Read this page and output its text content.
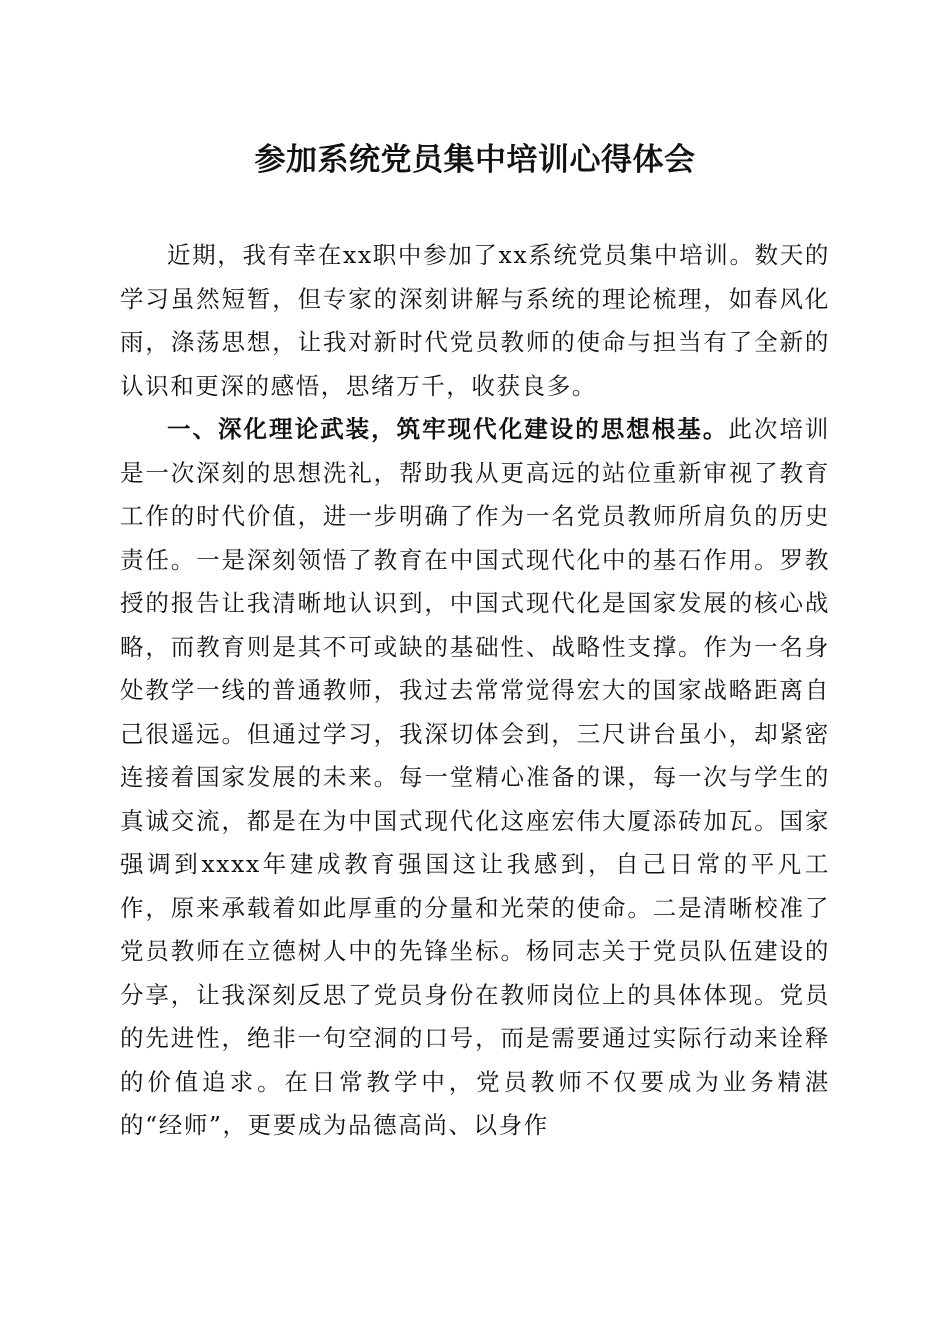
参加系统党员集中培训心得体会

近期，我有幸在xx职中参加了xx系统党员集中培训。数天的学习虽然短暂，但专家的深刻讲解与系统的理论梳理，如春风化雨，涤荡思想，让我对新时代党员教师的使命与担当有了全新的认识和更深的感悟，思绪万千，收获良多。

一、深化理论武装，筑牢现代化建设的思想根基。此次培训是一次深刻的思想洗礼，帮助我从更高远的站位重新审视了教育工作的时代价值，进一步明确了作为一名党员教师所肩负的历史责任。一是深刻领悟了教育在中国式现代化中的基石作用。罗教授的报告让我清晰地认识到，中国式现代化是国家发展的核心战略，而教育则是其不可或缺的基础性、战略性支撑。作为一名身处教学一线的普通教师，我过去常常觉得宏大的国家战略距离自己很遥远。但通过学习，我深切体会到，三尺讲台虽小，却紧密连接着国家发展的未来。每一堂精心准备的课，每一次与学生的真诚交流，都是在为中国式现代化这座宏伟大厦添砖加瓦。国家强调到xxxx年建成教育强国这让我感到，自己日常的平凡工作，原来承载着如此厚重的分量和光荣的使命。二是清晰校准了党员教师在立德树人中的先锋坐标。杨同志关于党员队伍建设的分享，让我深刻反思了党员身份在教师岗位上的具体体现。党员的先进性，绝非一句空洞的口号，而是需要通过实际行动来诠释的价值追求。在日常教学中，党员教师不仅要成为业务精湛的“经师”，更要成为品德高尚、以身作
